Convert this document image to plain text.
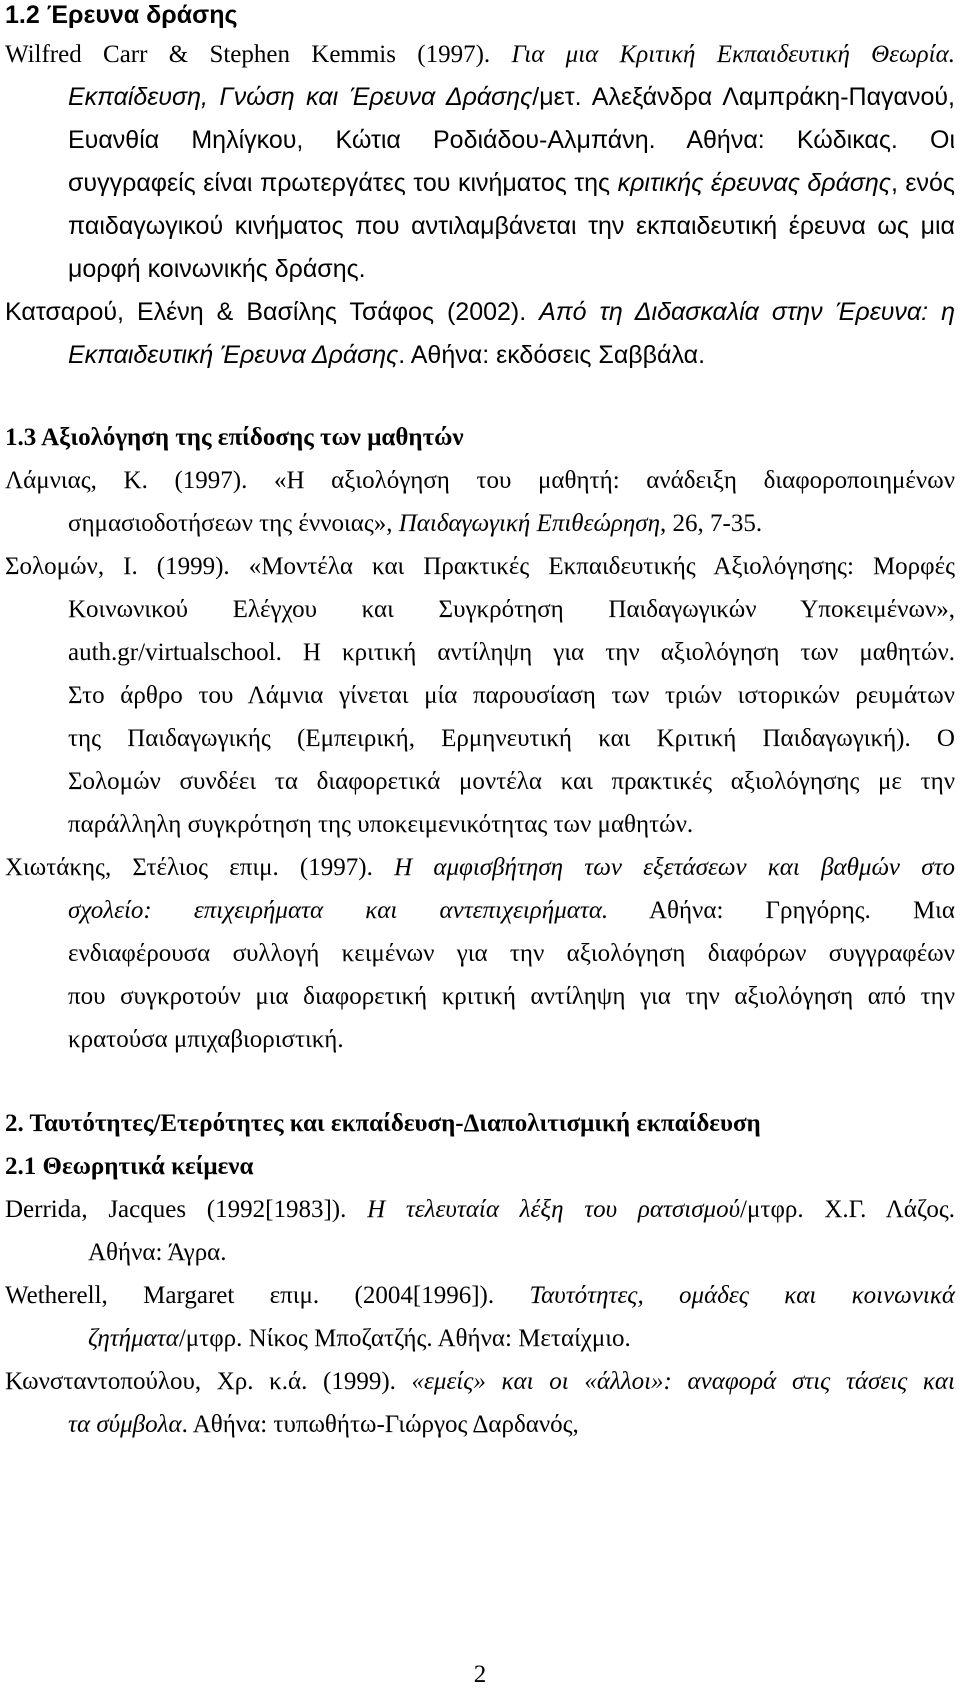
1.2 Έρευνα δράσης
Wilfred Carr & Stephen Kemmis (1997). Για μια Κριτική Εκπαιδευτική Θεωρία.
Εκπαίδευση, Γνώση και Έρευνα Δράσης/μετ. Αλεξάνδρα Λαμπράκη-Παγανού,
Ευανθία Μηλίγκου, Κώτια Ροδιάδου-Αλμπάνη. Αθήνα: Κώδικας. Οι
συγγραφείς είναι πρωτεργάτες του κινήματος της κριτικής έρευνας δράσης, ενός
παιδαγωγικού κινήματος που αντιλαμβάνεται την εκπαιδευτική έρευνα ως μια
μορφή κοινωνικής δράσης.
Κατσαρού, Ελένη & Βασίλης Τσάφος (2002). Από τη Διδασκαλία στην Έρευνα: η
Εκπαιδευτική Έρευνα Δράσης. Αθήνα: εκδόσεις Σαββάλα.
1.3 Αξιολόγηση της επίδοσης των μαθητών
Λάμνιας, Κ. (1997). «Η αξιολόγηση του μαθητή: ανάδειξη διαφοροποιημένων
σημασιοδοτήσεων της έννοιας», Παιδαγωγική Επιθεώρηση, 26, 7-35.
Σολομών, Ι. (1999). «Μοντέλα και Πρακτικές Εκπαιδευτικής Αξιολόγησης: Μορφές
Κοινωνικού Ελέγχου και Συγκρότηση Παιδαγωγικών Υποκειμένων»,
auth.gr/virtualschool. Η κριτική αντίληψη για την αξιολόγηση των μαθητών.
Στο άρθρο του Λάμνια γίνεται μία παρουσίαση των τριών ιστορικών ρευμάτων
της Παιδαγωγικής (Εμπειρική, Ερμηνευτική και Κριτική Παιδαγωγική). Ο
Σολομών συνδέει τα διαφορετικά μοντέλα και πρακτικές αξιολόγησης με την
παράλληλη συγκρότηση της υποκειμενικότητας των μαθητών.
Χιωτάκης, Στέλιος επιμ. (1997). Η αμφισβήτηση των εξετάσεων και βαθμών στο
σχολείο: επιχειρήματα και αντεπιχειρήματα. Αθήνα: Γρηγόρης. Μια
ενδιαφέρουσα συλλογή κειμένων για την αξιολόγηση διαφόρων συγγραφέων
που συγκροτούν μια διαφορετική κριτική αντίληψη για την αξιολόγηση από την
κρατούσα μπιχαβιοριστική.
2. Ταυτότητες/Ετερότητες και εκπαίδευση-Διαπολιτισμική εκπαίδευση
2.1 Θεωρητικά κείμενα
Derrida, Jacques (1992[1983]). Η τελευταία λέξη του ρατσισμού/μτφρ. Χ.Γ. Λάζος.
Αθήνα: Άγρα.
Wetherell, Margaret επιμ. (2004[1996]). Ταυτότητες, ομάδες και κοινωνικά
ζητήματα/μτφρ. Νίκος Μποζατζής. Αθήνα: Μεταίχμιο.
Κωνσταντοπούλου, Χρ. κ.ά. (1999). «εμείς» και οι «άλλοι»: αναφορά στις τάσεις και
τα σύμβολα. Αθήνα: τυπωθήτω-Γιώργος Δαρδανός,
2
